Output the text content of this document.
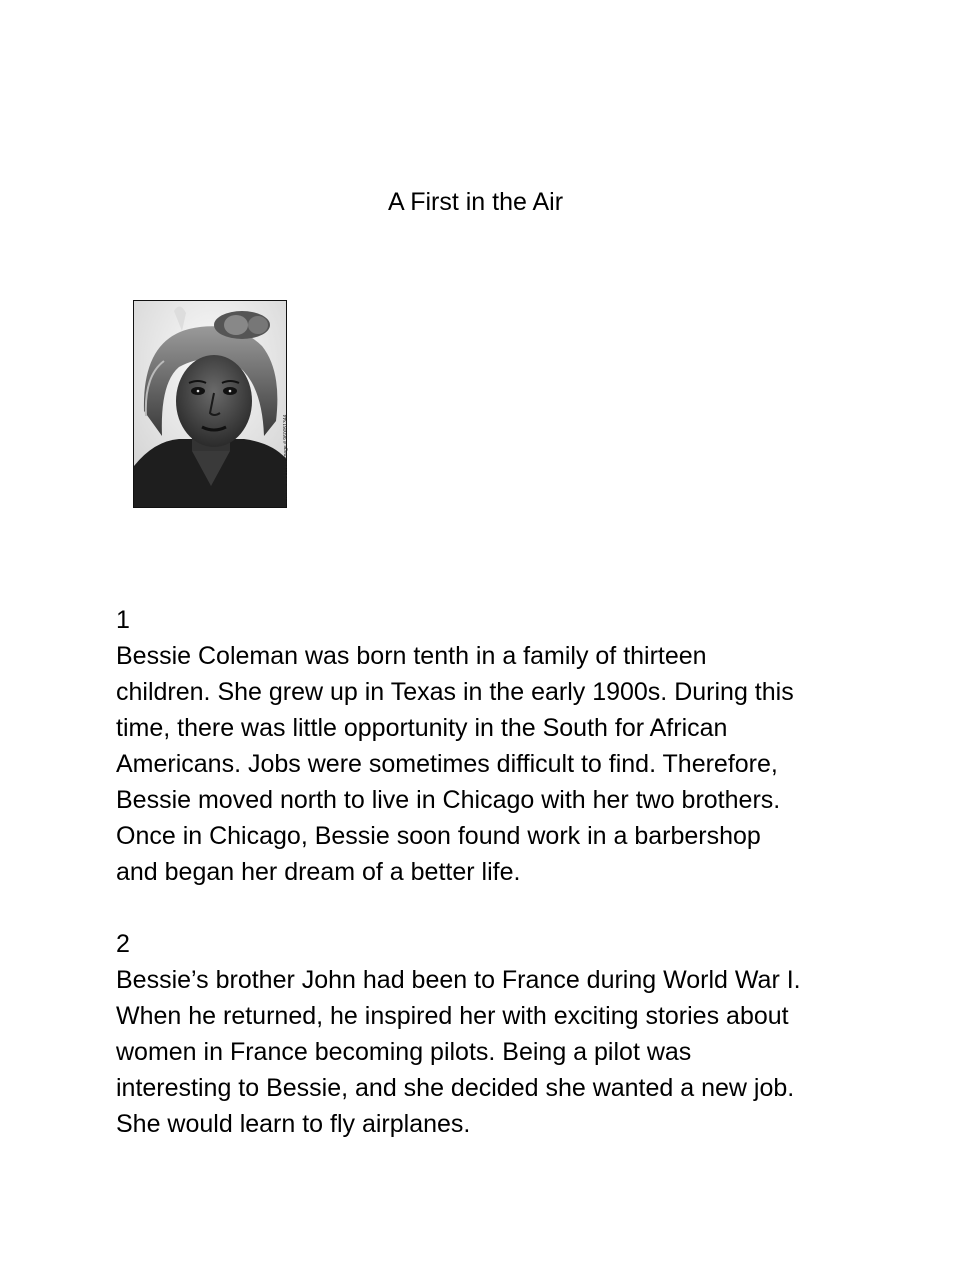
A First in the Air
© Associated Press Image # 960051344
1
Bessie Coleman was born tenth in a family of thirteen
children. She grew up in Texas in the early 1900s. During this
time, there was little opportunity in the South for African
Americans. Jobs were sometimes difficult to find. Therefore,
Bessie moved north to live in Chicago with her two brothers.
Once in Chicago, Bessie soon found work in a barbershop
and began her dream of a better life.
2
Bessie’s brother John had been to France during World War I.
When he returned, he inspired her with exciting stories about
women in France becoming pilots. Being a pilot was
interesting to Bessie, and she decided she wanted a new job.
She would learn to fly airplanes.
